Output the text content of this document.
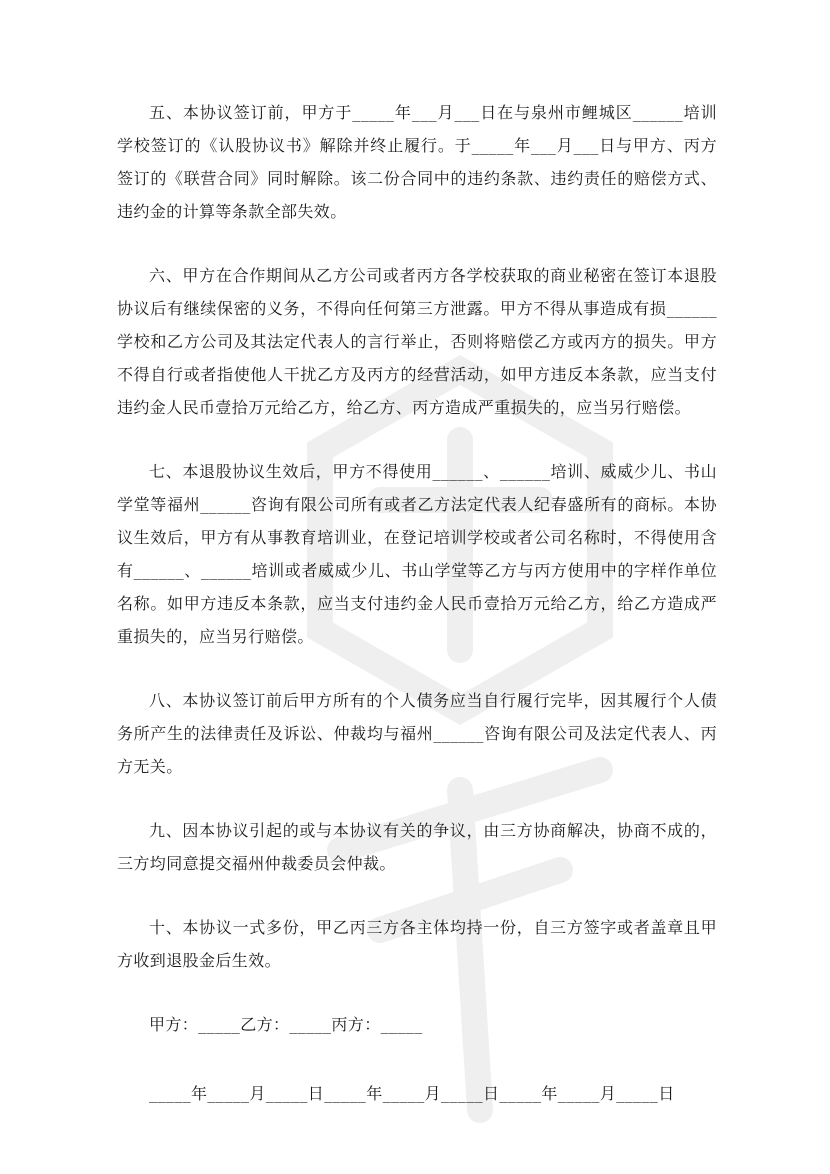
五、本协议签订前，甲方于_____年___月___日在与泉州市鲤城区______培训学校签订的《认股协议书》解除并终止履行。于_____年___月___日与甲方、丙方签订的《联营合同》同时解除。该二份合同中的违约条款、违约责任的赔偿方式、违约金的计算等条款全部失效。

六、甲方在合作期间从乙方公司或者丙方各学校获取的商业秘密在签订本退股协议后有继续保密的义务，不得向任何第三方泄露。甲方不得从事造成有损______学校和乙方公司及其法定代表人的言行举止，否则将赔偿乙方或丙方的损失。甲方不得自行或者指使他人干扰乙方及丙方的经营活动，如甲方违反本条款，应当支付违约金人民币壹拾万元给乙方，给乙方、丙方造成严重损失的，应当另行赔偿。

七、本退股协议生效后，甲方不得使用______、______培训、威威少儿、书山学堂等福州______咨询有限公司所有或者乙方法定代表人纪春盛所有的商标。本协议生效后，甲方有从事教育培训业，在登记培训学校或者公司名称时，不得使用含有______、______培训或者威威少儿、书山学堂等乙方与丙方使用中的字样作单位名称。如甲方违反本条款，应当支付违约金人民币壹拾万元给乙方，给乙方造成严重损失的，应当另行赔偿。

八、本协议签订前后甲方所有的个人债务应当自行履行完毕，因其履行个人债务所产生的法律责任及诉讼、仲裁均与福州______咨询有限公司及法定代表人、丙方无关。

九、因本协议引起的或与本协议有关的争议，由三方协商解决，协商不成的，三方均同意提交福州仲裁委员会仲裁。

十、本协议一式多份，甲乙丙三方各主体均持一份，自三方签字或者盖章且甲方收到退股金后生效。

甲方：_____乙方：_____丙方：_____

_____年_____月_____日_____年_____月_____日_____年_____月_____日
